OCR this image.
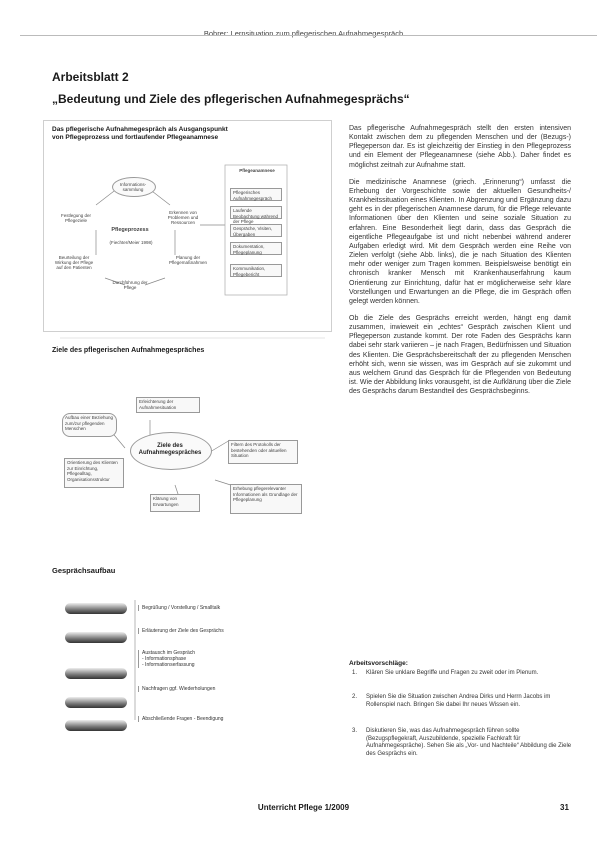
Bohrer: Lernsituation zum pflegerischen Aufnahmegespräch
Arbeitsblatt 2
„Bedeutung und Ziele des pflegerischen Aufnahmegesprächs“
Das pflegerische Aufnahmegespräch als Ausgangspunkt
von Pflegeprozess und fortlaufender Pflegeanamnese
Informations-sammlung
Erkennen von Problemen und Ressourcen
Festlegung der Pflegeziele
Pflegeprozess
(Fiechter/Meier 1998)
Planung der Pflegemaßnahmen
Beurteilung der Wirkung der Pflege auf den Patienten
Durchführung der Pflege
Pflegeanamnese
Pflegerisches Aufnahmegespräch
Laufende Beobachtung während der Pflege
Gespräche, Visiten, Übergaben
Dokumentation, Pflegeplanung
Kommunikation, Pflegebericht
Ziele des pflegerischen Aufnahmegespräches
Ziele des
Aufnahmegespräches
Erleichterung der Aufnahmesituation
Aufbau einer Beziehung zum/zur pflegenden Menschen
Filtern des Protokolls der bestehenden oder aktuellen Situation
Orientierung des Klienten zur Einrichtung, Pflegealltag, Organisationsstruktur
Klärung von Erwartungen
Erhebung pflegerelevanter Informationen als Grundlage der Pflegeplanung
Gesprächsaufbau
Begrüßung / Vorstellung / Smalltalk
Erläuterung der Ziele des Gesprächs
Austausch im Gespräch
- Informationsphase
- Informationserfassung
Nachfragen ggf. Wiederholungen
Abschließende Fragen - Beendigung

Das pflegerische Aufnahmegespräch stellt den ersten intensiven Kontakt zwischen dem zu pflegenden Menschen und der (Bezugs-) Pflegeperson dar. Es ist gleichzeitig der Einstieg in den Pflegeprozess und ein Element der Pflegeanamnese (siehe Abb.). Daher findet es möglichst zeitnah zur Aufnahme statt.

Die medizinische Anamnese (griech. „Erinnerung“) umfasst die Erhebung der Vorgeschichte sowie der aktuellen Gesundheits-/ Krankheitssituation eines Klienten. In Abgrenzung und Ergänzung dazu geht es in der pflegerischen Anamnese darum, für die Pflege relevante Informationen über den Klienten und seine soziale Situation zu erfahren. Eine Besonderheit liegt darin, dass das Gespräch die eigentliche Pflegeaufgabe ist und nicht nebenbei während anderer Aufgaben erledigt wird. Mit dem Gespräch werden eine Reihe von Zielen verfolgt (siehe Abb. links), die je nach Situation des Klienten mehr oder weniger zum Tragen kommen. Beispielsweise benötigt ein chronisch kranker Mensch mit Krankenhauserfahrung kaum Orientierung zur Einrichtung, dafür hat er möglicherweise sehr klare Vorstellungen und Erwartungen an die Pflege, die im Gespräch offen gelegt werden können.

Ob die Ziele des Gesprächs erreicht werden, hängt eng damit zusammen, inwieweit ein „echtes“ Gespräch zwischen Klient und Pflegeperson zustande kommt. Der rote Faden des Gesprächs kann dabei sehr stark variieren – je nach Fragen, Bedürfnissen und Situation des Klienten. Die Gesprächsbereitschaft der zu pflegenden Menschen erhöht sich, wenn sie wissen, was im Gespräch auf sie zukommt und aus welchem Grund das Gespräch für die Pflegenden von Bedeutung ist. Wie der Abbildung links vorausgeht, ist die Aufklärung über die Ziele des Gesprächs darum Bestandteil des Gesprächsbeginns.

Arbeitsvorschläge:
1.	Klären Sie unklare Begriffe und Fragen zu zweit oder im Plenum.
2.	Spielen Sie die Situation zwischen Andrea Dirks und Herrn Jacobs im Rollenspiel nach. Bringen Sie dabei Ihr neues Wissen ein.
3.	Diskutieren Sie, was das Aufnahmegespräch führen sollte (Bezugspflegekraft, Auszubildende, spezielle Fachkraft für Aufnahmegespräche). Sehen Sie als „Vor- und Nachteile“ Abbildung die Ziele des Gesprächs ein.
Unterricht Pflege 1/2009	31
